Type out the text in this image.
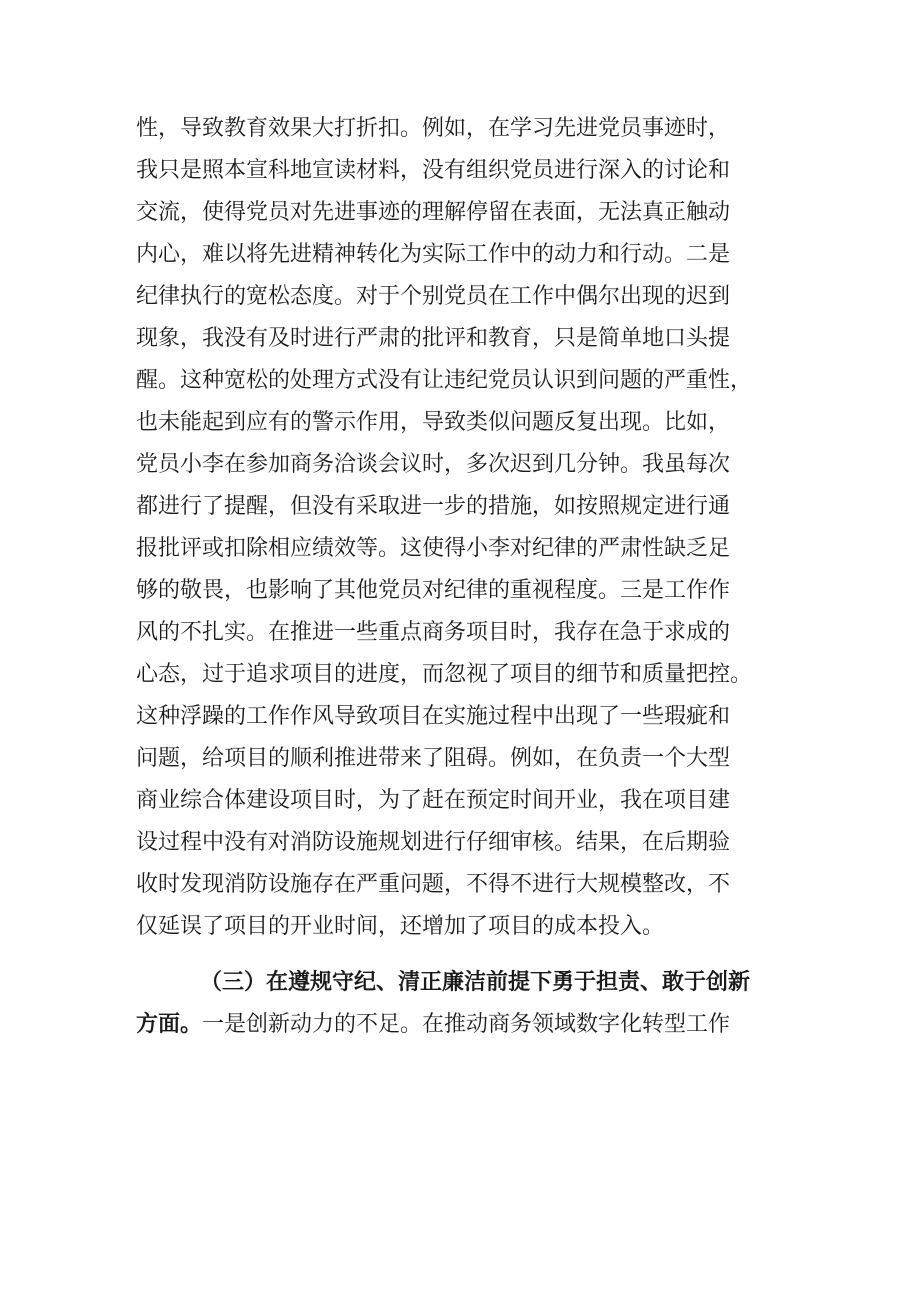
性，导致教育效果大打折扣。例如，在学习先进党员事迹时，
我只是照本宣科地宣读材料，没有组织党员进行深入的讨论和
交流，使得党员对先进事迹的理解停留在表面，无法真正触动
内心，难以将先进精神转化为实际工作中的动力和行动。二是
纪律执行的宽松态度。对于个别党员在工作中偶尔出现的迟到
现象，我没有及时进行严肃的批评和教育，只是简单地口头提
醒。这种宽松的处理方式没有让违纪党员认识到问题的严重性，
也未能起到应有的警示作用，导致类似问题反复出现。比如，
党员小李在参加商务洽谈会议时，多次迟到几分钟。我虽每次
都进行了提醒，但没有采取进一步的措施，如按照规定进行通
报批评或扣除相应绩效等。这使得小李对纪律的严肃性缺乏足
够的敬畏，也影响了其他党员对纪律的重视程度。三是工作作
风的不扎实。在推进一些重点商务项目时，我存在急于求成的
心态，过于追求项目的进度，而忽视了项目的细节和质量把控。
这种浮躁的工作作风导致项目在实施过程中出现了一些瑕疵和
问题，给项目的顺利推进带来了阻碍。例如，在负责一个大型
商业综合体建设项目时，为了赶在预定时间开业，我在项目建
设过程中没有对消防设施规划进行仔细审核。结果，在后期验
收时发现消防设施存在严重问题，不得不进行大规模整改，不
仅延误了项目的开业时间，还增加了项目的成本投入。
（三）在遵规守纪、清正廉洁前提下勇于担责、敢于创新
方面。一是创新动力的不足。在推动商务领域数字化转型工作
